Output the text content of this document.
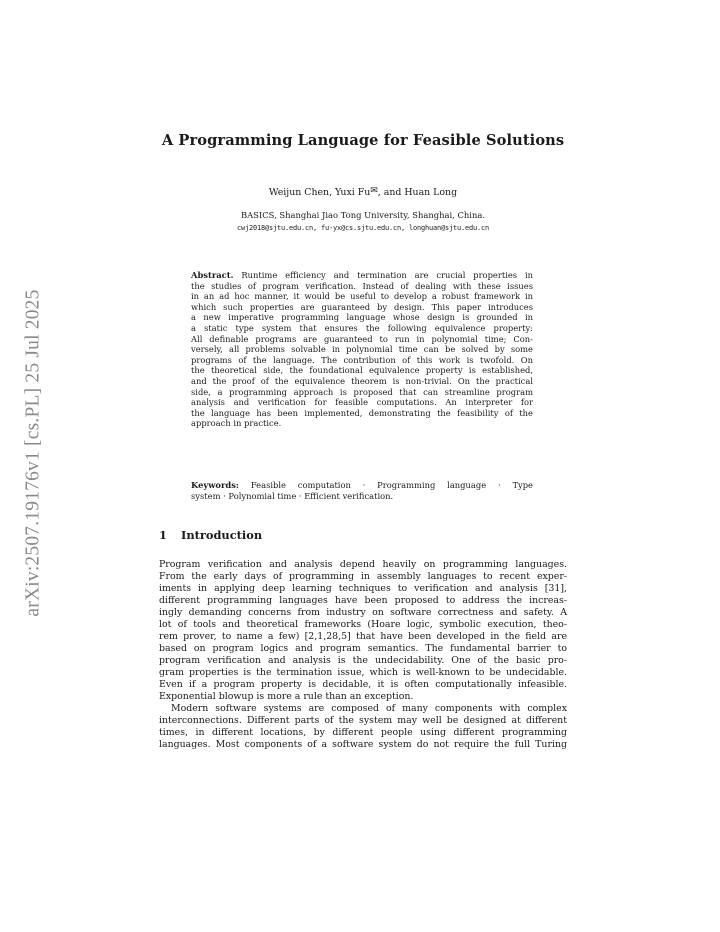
arXiv:2507.19176v1 [cs.PL] 25 Jul 2025
A Programming Language for Feasible Solutions
Weijun Chen, Yuxi Fu✉, and Huan Long
BASICS, Shanghai Jiao Tong University, Shanghai, China.
cwj2018@sjtu.edu.cn, fu-yx@cs.sjtu.edu.cn, longhuan@sjtu.edu.cn
Abstract. Runtime efficiency and termination are crucial properties in
the studies of program verification. Instead of dealing with these issues
in an ad hoc manner, it would be useful to develop a robust framework in
which such properties are guaranteed by design. This paper introduces
a new imperative programming language whose design is grounded in
a static type system that ensures the following equivalence property:
All definable programs are guaranteed to run in polynomial time; Con-
versely, all problems solvable in polynomial time can be solved by some
programs of the language. The contribution of this work is twofold. On
the theoretical side, the foundational equivalence property is established,
and the proof of the equivalence theorem is non-trivial. On the practical
side, a programming approach is proposed that can streamline program
analysis and verification for feasible computations. An interpreter for
the language has been implemented, demonstrating the feasibility of the
approach in practice.
Keywords: Feasible computation · Programming language · Type
system · Polynomial time · Efficient verification.
1 Introduction
Program verification and analysis depend heavily on programming languages.
From the early days of programming in assembly languages to recent exper-
iments in applying deep learning techniques to verification and analysis [31],
different programming languages have been proposed to address the increas-
ingly demanding concerns from industry on software correctness and safety. A
lot of tools and theoretical frameworks (Hoare logic, symbolic execution, theo-
rem prover, to name a few) [2,1,28,5] that have been developed in the field are
based on program logics and program semantics. The fundamental barrier to
program verification and analysis is the undecidability. One of the basic pro-
gram properties is the termination issue, which is well-known to be undecidable.
Even if a program property is decidable, it is often computationally infeasible.
Exponential blowup is more a rule than an exception.
Modern software systems are composed of many components with complex
interconnections. Different parts of the system may well be designed at different
times, in different locations, by different people using different programming
languages. Most components of a software system do not require the full Turing
